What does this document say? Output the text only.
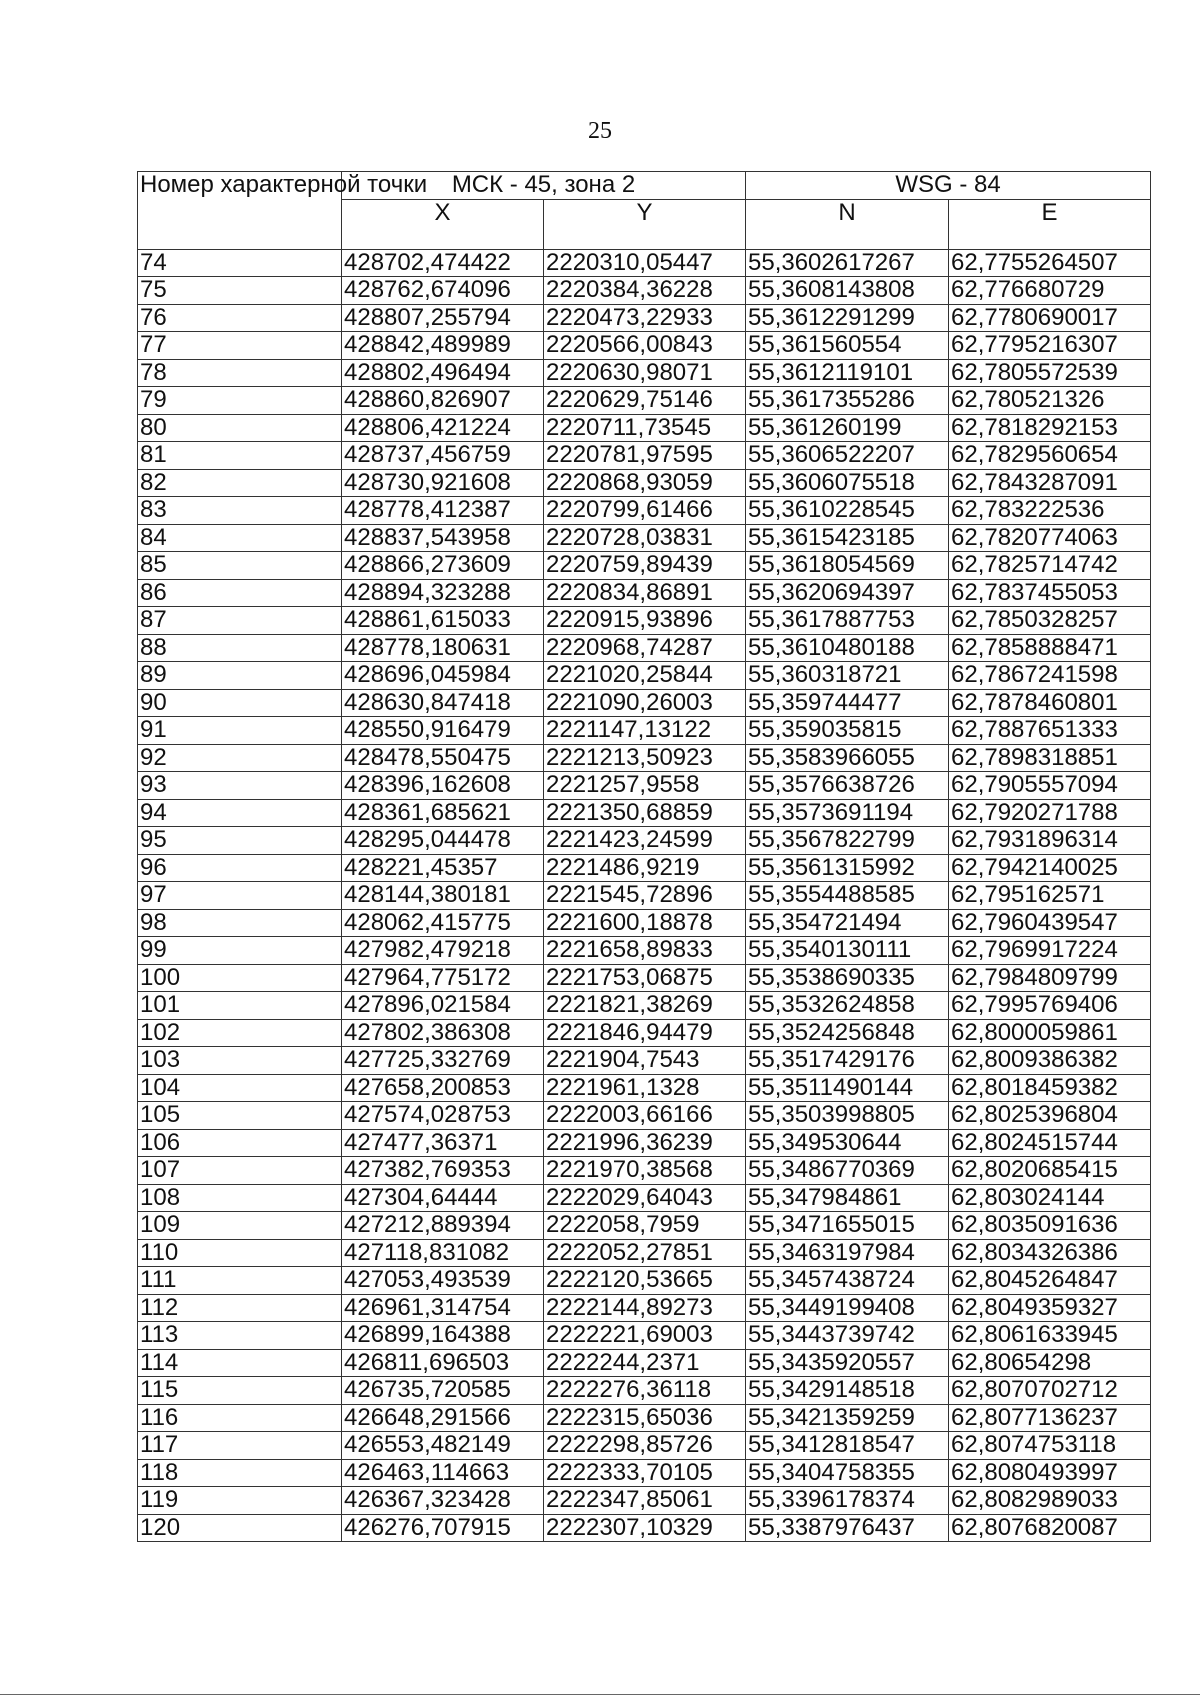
25
Номер характерной точки	МСК - 45, зона 2		WSG - 84	
	X	Y	N	E
74	428702,474422	2220310,05447	55,3602617267	62,7755264507
75	428762,674096	2220384,36228	55,3608143808	62,776680729
76	428807,255794	2220473,22933	55,3612291299	62,7780690017
77	428842,489989	2220566,00843	55,361560554	62,7795216307
78	428802,496494	2220630,98071	55,3612119101	62,7805572539
79	428860,826907	2220629,75146	55,3617355286	62,780521326
80	428806,421224	2220711,73545	55,361260199	62,7818292153
81	428737,456759	2220781,97595	55,3606522207	62,7829560654
82	428730,921608	2220868,93059	55,3606075518	62,7843287091
83	428778,412387	2220799,61466	55,3610228545	62,783222536
84	428837,543958	2220728,03831	55,3615423185	62,7820774063
85	428866,273609	2220759,89439	55,3618054569	62,7825714742
86	428894,323288	2220834,86891	55,3620694397	62,7837455053
87	428861,615033	2220915,93896	55,3617887753	62,7850328257
88	428778,180631	2220968,74287	55,3610480188	62,7858888471
89	428696,045984	2221020,25844	55,360318721	62,7867241598
90	428630,847418	2221090,26003	55,359744477	62,7878460801
91	428550,916479	2221147,13122	55,359035815	62,7887651333
92	428478,550475	2221213,50923	55,3583966055	62,7898318851
93	428396,162608	2221257,9558	55,3576638726	62,7905557094
94	428361,685621	2221350,68859	55,3573691194	62,7920271788
95	428295,044478	2221423,24599	55,3567822799	62,7931896314
96	428221,45357	2221486,9219	55,3561315992	62,7942140025
97	428144,380181	2221545,72896	55,3554488585	62,795162571
98	428062,415775	2221600,18878	55,354721494	62,7960439547
99	427982,479218	2221658,89833	55,3540130111	62,7969917224
100	427964,775172	2221753,06875	55,3538690335	62,7984809799
101	427896,021584	2221821,38269	55,3532624858	62,7995769406
102	427802,386308	2221846,94479	55,3524256848	62,8000059861
103	427725,332769	2221904,7543	55,3517429176	62,8009386382
104	427658,200853	2221961,1328	55,3511490144	62,8018459382
105	427574,028753	2222003,66166	55,3503998805	62,8025396804
106	427477,36371	2221996,36239	55,349530644	62,8024515744
107	427382,769353	2221970,38568	55,3486770369	62,8020685415
108	427304,64444	2222029,64043	55,347984861	62,803024144
109	427212,889394	2222058,7959	55,3471655015	62,8035091636
110	427118,831082	2222052,27851	55,3463197984	62,8034326386
111	427053,493539	2222120,53665	55,3457438724	62,8045264847
112	426961,314754	2222144,89273	55,3449199408	62,8049359327
113	426899,164388	2222221,69003	55,3443739742	62,8061633945
114	426811,696503	2222244,2371	55,3435920557	62,80654298
115	426735,720585	2222276,36118	55,3429148518	62,8070702712
116	426648,291566	2222315,65036	55,3421359259	62,8077136237
117	426553,482149	2222298,85726	55,3412818547	62,8074753118
118	426463,114663	2222333,70105	55,3404758355	62,8080493997
119	426367,323428	2222347,85061	55,3396178374	62,8082989033
120	426276,707915	2222307,10329	55,3387976437	62,8076820087
